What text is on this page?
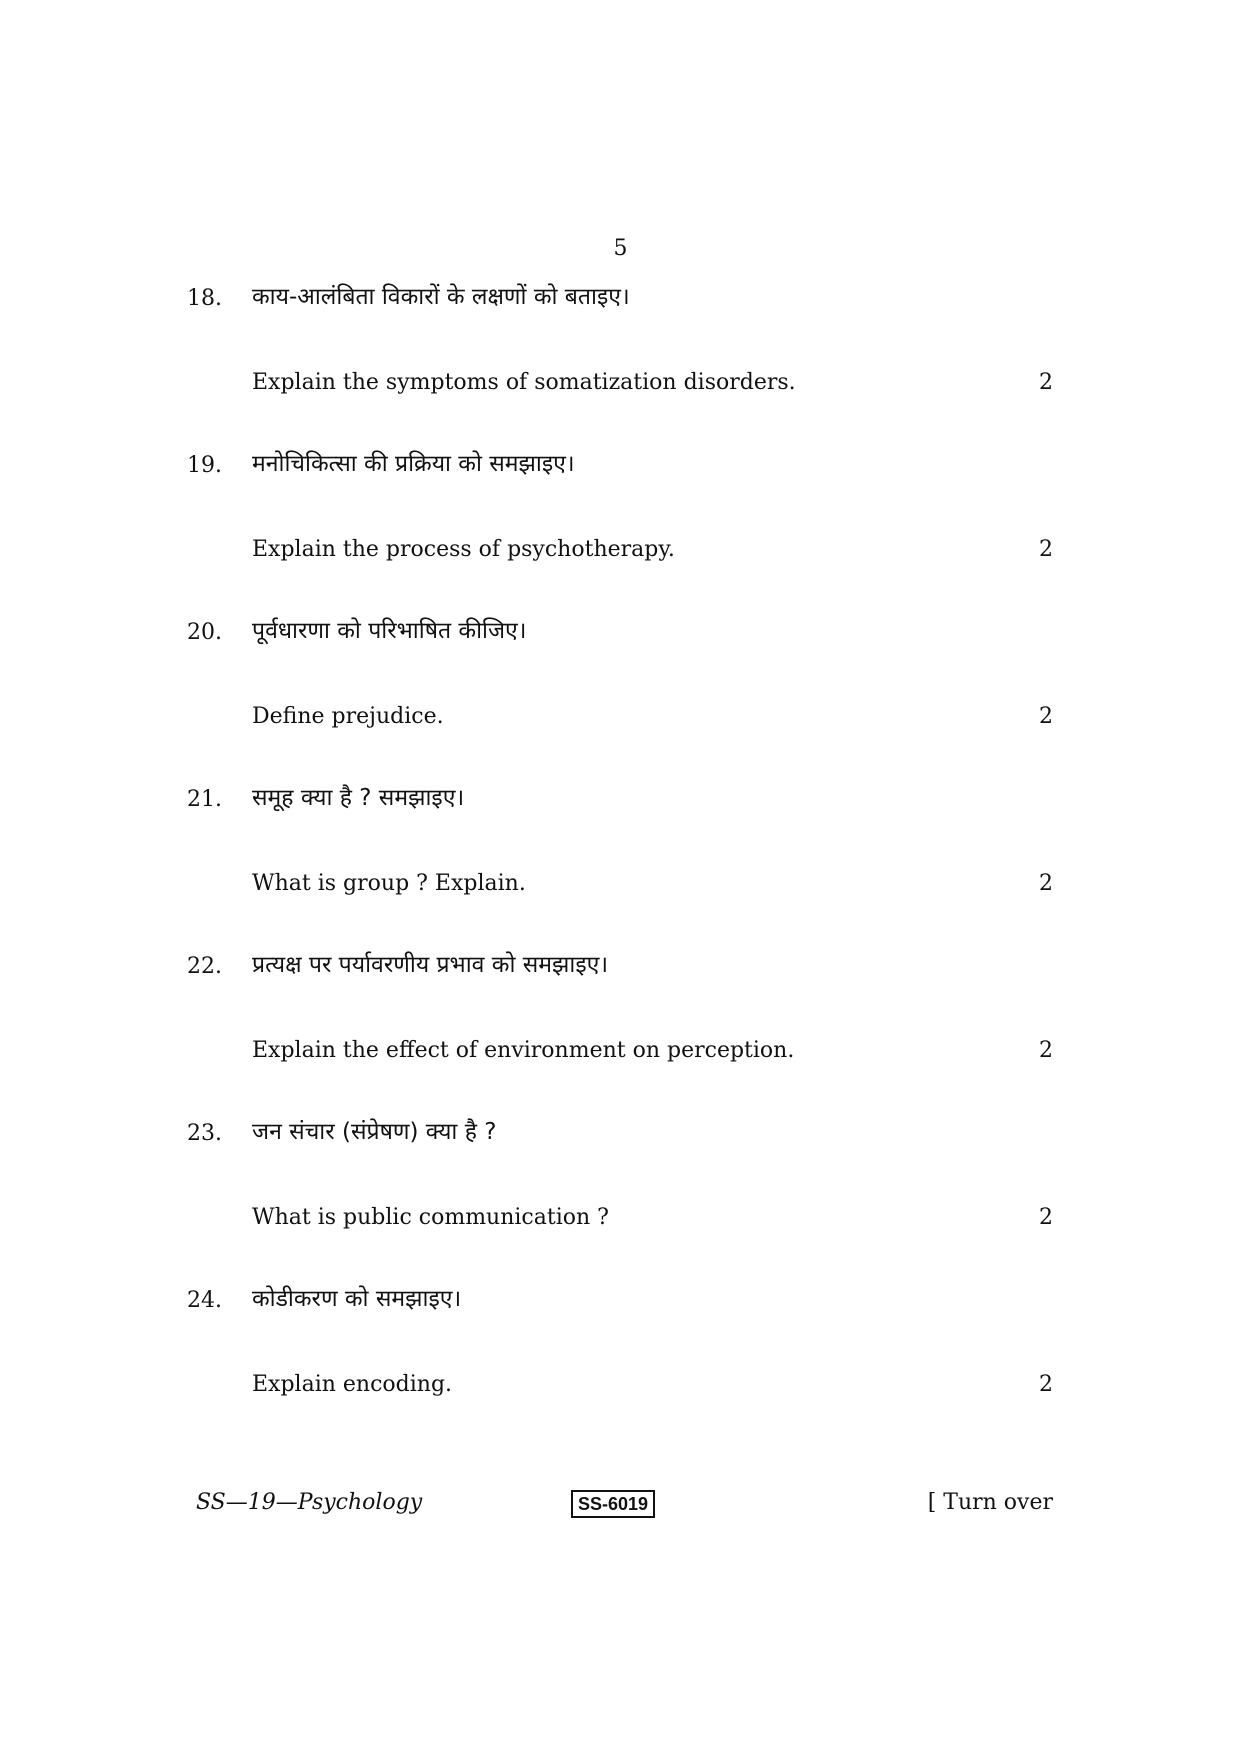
5
18. काय-आलंबिता विकारों के लक्षणों को बताइए।
Explain the symptoms of somatization disorders.	2
19. मनोचिकित्सा की प्रक्रिया को समझाइए।
Explain the process of psychotherapy.	2
20. पूर्वधारणा को परिभाषित कीजिए।
Define prejudice.	2
21. समूह क्या है ? समझाइए।
What is group ? Explain.	2
22. प्रत्यक्ष पर पर्यावरणीय प्रभाव को समझाइए।
Explain the effect of environment on perception.	2
23. जन संचार (संप्रेषण) क्या है ?
What is public communication ?	2
24. कोडीकरण को समझाइए।
Explain encoding.	2
SS—19—Psychology	SS-6019	[ Turn over
